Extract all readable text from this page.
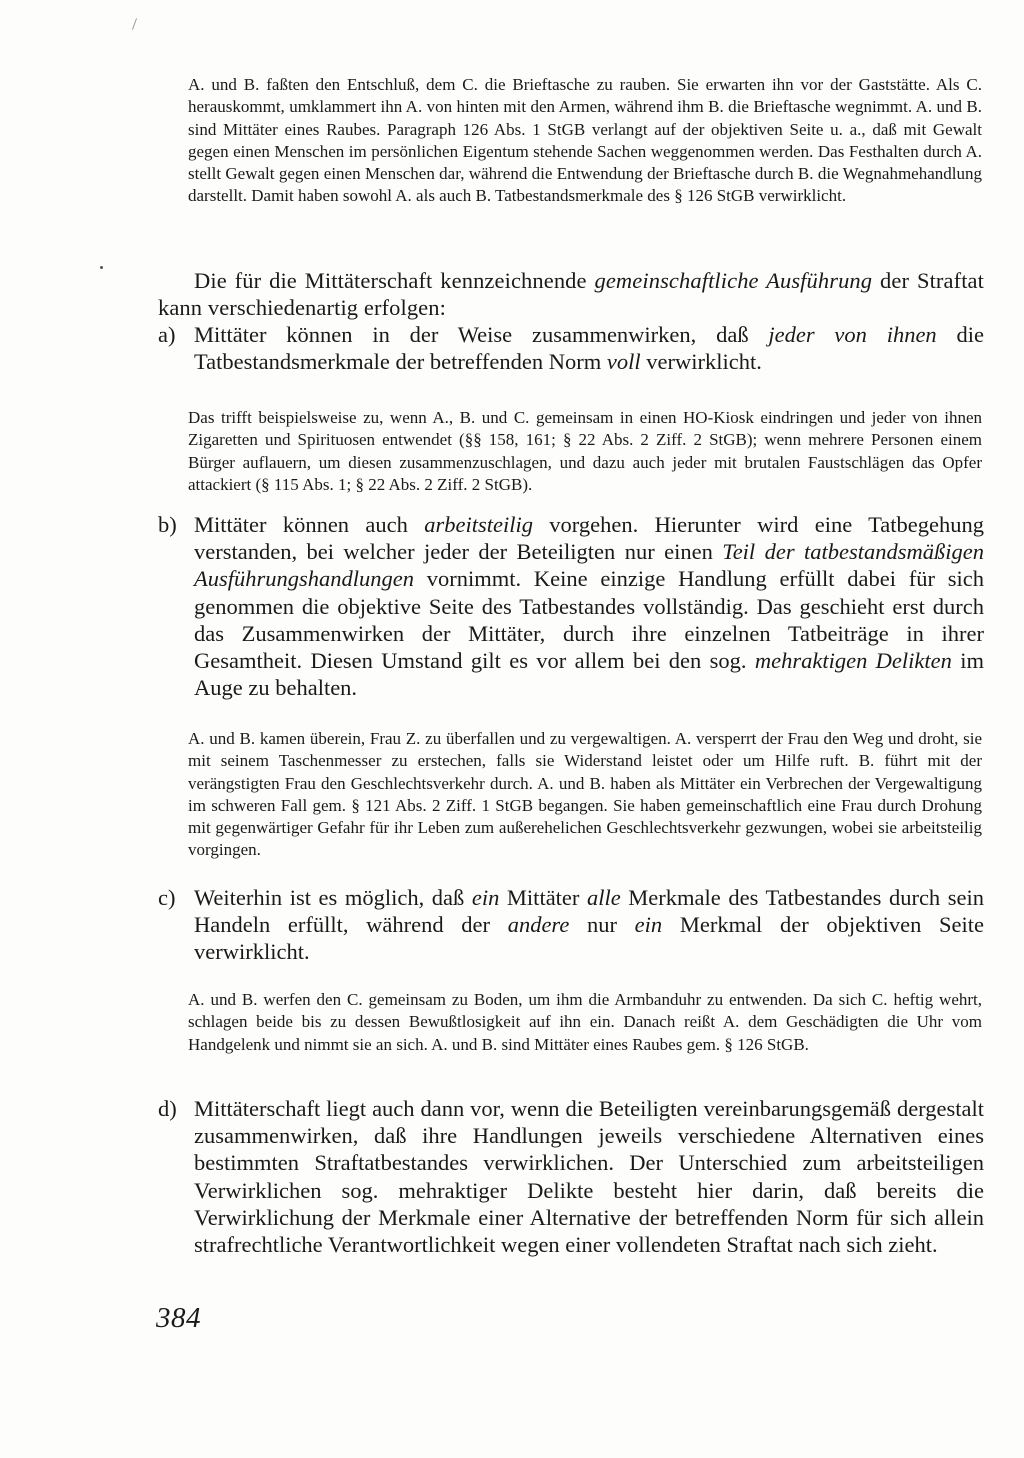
A. und B. faßten den Entschluß, dem C. die Brieftasche zu rauben. Sie erwarten ihn vor der Gaststätte. Als C. herauskommt, umklammert ihn A. von hinten mit den Armen, während ihm B. die Brieftasche wegnimmt. A. und B. sind Mittäter eines Raubes. Paragraph 126 Abs. 1 StGB verlangt auf der objektiven Seite u. a., daß mit Gewalt gegen einen Menschen im persönlichen Eigentum stehende Sachen weggenommen werden. Das Festhalten durch A. stellt Gewalt gegen einen Menschen dar, während die Entwendung der Brieftasche durch B. die Wegnahmehandlung darstellt. Damit haben sowohl A. als auch B. Tatbestandsmerkmale des § 126 StGB verwirklicht.

Die für die Mittäterschaft kennzeichnende gemeinschaftliche Ausführung der Straftat kann verschiedenartig erfolgen:

a) Mittäter können in der Weise zusammenwirken, daß jeder von ihnen die Tatbestandsmerkmale der betreffenden Norm voll verwirklicht.

Das trifft beispielsweise zu, wenn A., B. und C. gemeinsam in einen HO-Kiosk eindringen und jeder von ihnen Zigaretten und Spirituosen entwendet (§§ 158, 161; § 22 Abs. 2 Ziff. 2 StGB); wenn mehrere Personen einem Bürger auflauern, um diesen zusammenzuschlagen, und dazu auch jeder mit brutalen Faustschlägen das Opfer attackiert (§ 115 Abs. 1; § 22 Abs. 2 Ziff. 2 StGB).

b) Mittäter können auch arbeitsteilig vorgehen. Hierunter wird eine Tatbegehung verstanden, bei welcher jeder der Beteiligten nur einen Teil der tatbestandsmäßigen Ausführungshandlungen vornimmt. Keine einzige Handlung erfüllt dabei für sich genommen die objektive Seite des Tatbestandes vollständig. Das geschieht erst durch das Zusammenwirken der Mittäter, durch ihre einzelnen Tatbeiträge in ihrer Gesamtheit. Diesen Umstand gilt es vor allem bei den sog. mehraktigen Delikten im Auge zu behalten.

A. und B. kamen überein, Frau Z. zu überfallen und zu vergewaltigen. A. versperrt der Frau den Weg und droht, sie mit seinem Taschenmesser zu erstechen, falls sie Widerstand leistet oder um Hilfe ruft. B. führt mit der verängstigten Frau den Geschlechtsverkehr durch. A. und B. haben als Mittäter ein Verbrechen der Vergewaltigung im schweren Fall gem. § 121 Abs. 2 Ziff. 1 StGB begangen. Sie haben gemeinschaftlich eine Frau durch Drohung mit gegenwärtiger Gefahr für ihr Leben zum außerehelichen Geschlechtsverkehr gezwungen, wobei sie arbeitsteilig vorgingen.

c) Weiterhin ist es möglich, daß ein Mittäter alle Merkmale des Tatbestandes durch sein Handeln erfüllt, während der andere nur ein Merkmal der objektiven Seite verwirklicht.

A. und B. werfen den C. gemeinsam zu Boden, um ihm die Armbanduhr zu entwenden. Da sich C. heftig wehrt, schlagen beide bis zu dessen Bewußtlosigkeit auf ihn ein. Danach reißt A. dem Geschädigten die Uhr vom Handgelenk und nimmt sie an sich. A. und B. sind Mittäter eines Raubes gem. § 126 StGB.

d) Mittäterschaft liegt auch dann vor, wenn die Beteiligten vereinbarungsgemäß dergestalt zusammenwirken, daß ihre Handlungen jeweils verschiedene Alternativen eines bestimmten Straftatbestandes verwirklichen. Der Unterschied zum arbeitsteiligen Verwirklichen sog. mehraktiger Delikte besteht hier darin, daß bereits die Verwirklichung der Merkmale einer Alternative der betreffenden Norm für sich allein strafrechtliche Verantwortlichkeit wegen einer vollendeten Straftat nach sich zieht.

384
